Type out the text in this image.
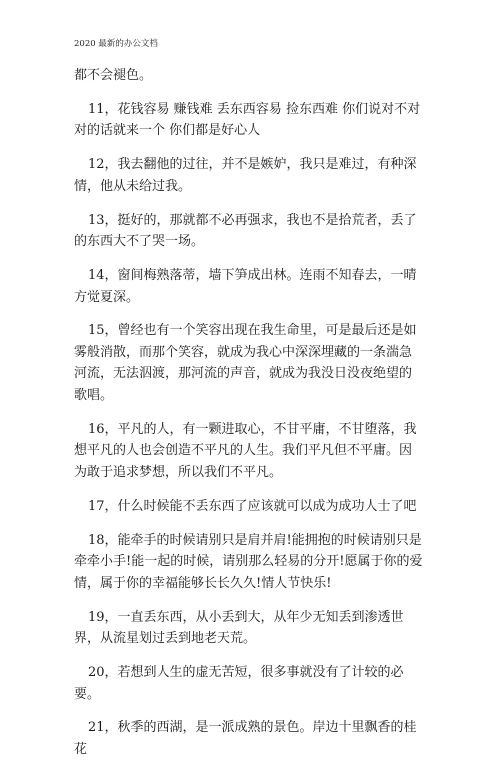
2020 最新的办公文档

都不会褪色。

11，花钱容易 赚钱难 丢东西容易 捡东西难 你们说对不对对的话就来一个 你们都是好心人

12，我去翻他的过往，并不是嫉妒，我只是难过，有种深情，他从未给过我。

13，挺好的，那就都不必再强求，我也不是拾荒者，丢了的东西大不了哭一场。

14，窗间梅熟落蒂，墙下笋成出林。连雨不知春去，一晴方觉夏深。

15，曾经也有一个笑容出现在我生命里，可是最后还是如雾般消散，而那个笑容，就成为我心中深深埋藏的一条湍急河流，无法泅渡，那河流的声音，就成为我没日没夜绝望的歌唱。

16，平凡的人，有一颗进取心，不甘平庸，不甘堕落，我想平凡的人也会创造不平凡的人生。我们平凡但不平庸。因为敢于追求梦想，所以我们不平凡。

17，什么时候能不丢东西了应该就可以成为成功人士了吧

18，能牵手的时候请别只是肩并肩!能拥抱的时候请别只是牵牵小手!能一起的时候，请别那么轻易的分开!愿属于你的爱情，属于你的幸福能够长长久久!情人节快乐!

19，一直丢东西，从小丢到大，从年少无知丢到渗透世界，从流星划过丢到地老天荒。

20，若想到人生的虚无苦短，很多事就没有了计较的必要。

21，秋季的西湖，是一派成熟的景色。岸边十里飘香的桂花
